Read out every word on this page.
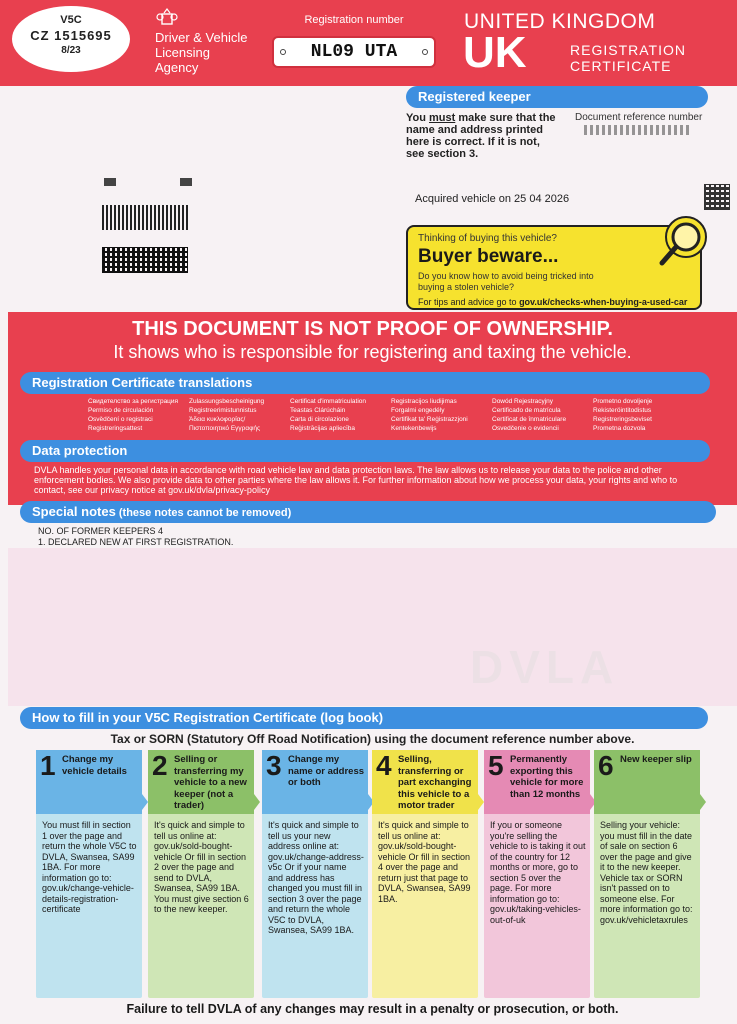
V5C
CZ 1515695
8/23
Driver & Vehicle
Licensing
Agency
Registration number
NL09 UTA
UNITED KINGDOM
UK	REGISTRATION
CERTIFICATE
Registered keeper
You must make sure that the name and address printed here is correct. If it is not, see section 3.
Document reference number
Acquired vehicle on 25 04 2026
Thinking of buying this vehicle?
Buyer beware...
Do you know how to avoid being tricked into buying a stolen vehicle?
For tips and advice go to gov.uk/checks-when-buying-a-used-car
THIS DOCUMENT IS NOT PROOF OF OWNERSHIP.
It shows who is responsible for registering and taxing the vehicle.
Registration Certificate translations
Свидетелство за регистрация	Zulassungsbescheinigung	Certificat d'immatriculation	Registracijos liudijimas	Dowód Rejestracyjny	Prometno dovoljenje
Permiso de circulación	Registreerimistunnistus	Teastas Clárúcháin	Forgalmi engedély	Certificado de matrícula	Rekisteröintitodistus
Osvědčení o registraci	Άδεια κυκλοφορίας/	Carta di circolazione	Certifikat ta' Reġistrazzjoni	Certificat de înmatriculare	Registreringsbeviset
Registreringsattest	Πιστοποιητικό Εγγραφής	Reģistrācijas apliecība	Kentekenbewijs	Osvedčenie o evidencii	Prometna dozvola
Data protection
DVLA handles your personal data in accordance with road vehicle law and data protection laws. The law allows us to release your data to the police and other enforcement bodies. We also provide data to other parties where the law allows it. For further information about how we process your data, your rights and who to contact, see our privacy notice at gov.uk/dvla/privacy-policy
DVLA
Special notes (these notes cannot be removed)
NO. OF FORMER KEEPERS 4
1. DECLARED NEW AT FIRST REGISTRATION.
How to fill in your V5C Registration Certificate (log book)
Tax or SORN (Statutory Off Road Notification) using the document reference number above.
1 Change my vehicle details
You must fill in section 1 over the page and return the whole V5C to DVLA, Swansea, SA99 1BA. For more information go to: gov.uk/change-vehicle-details-registration-certificate
2 Selling or transferring my vehicle to a new keeper (not a trader)
It's quick and simple to tell us online at: gov.uk/sold-bought-vehicle Or fill in section 2 over the page and send to DVLA, Swansea, SA99 1BA. You must give section 6 to the new keeper.
3 Change my name or address or both
It's quick and simple to tell us your new address online at: gov.uk/change-address-v5c Or if your name and address has changed you must fill in section 3 over the page and return the whole V5C to DVLA, Swansea, SA99 1BA.
4 Selling, transferring or part exchanging this vehicle to a motor trader
It's quick and simple to tell us online at: gov.uk/sold-bought-vehicle Or fill in section 4 over the page and return just that page to DVLA, Swansea, SA99 1BA.
5 Permanently exporting this vehicle for more than 12 months
If you or someone you're selling the vehicle to is taking it out of the country for 12 months or more, go to section 5 over the page. For more information go to: gov.uk/taking-vehicles-out-of-uk
6 New keeper slip
Selling your vehicle: you must fill in the date of sale on section 6 over the page and give it to the new keeper. Vehicle tax or SORN isn't passed on to someone else. For more information go to: gov.uk/vehicletaxrules
Failure to tell DVLA of any changes may result in a penalty or prosecution, or both.
